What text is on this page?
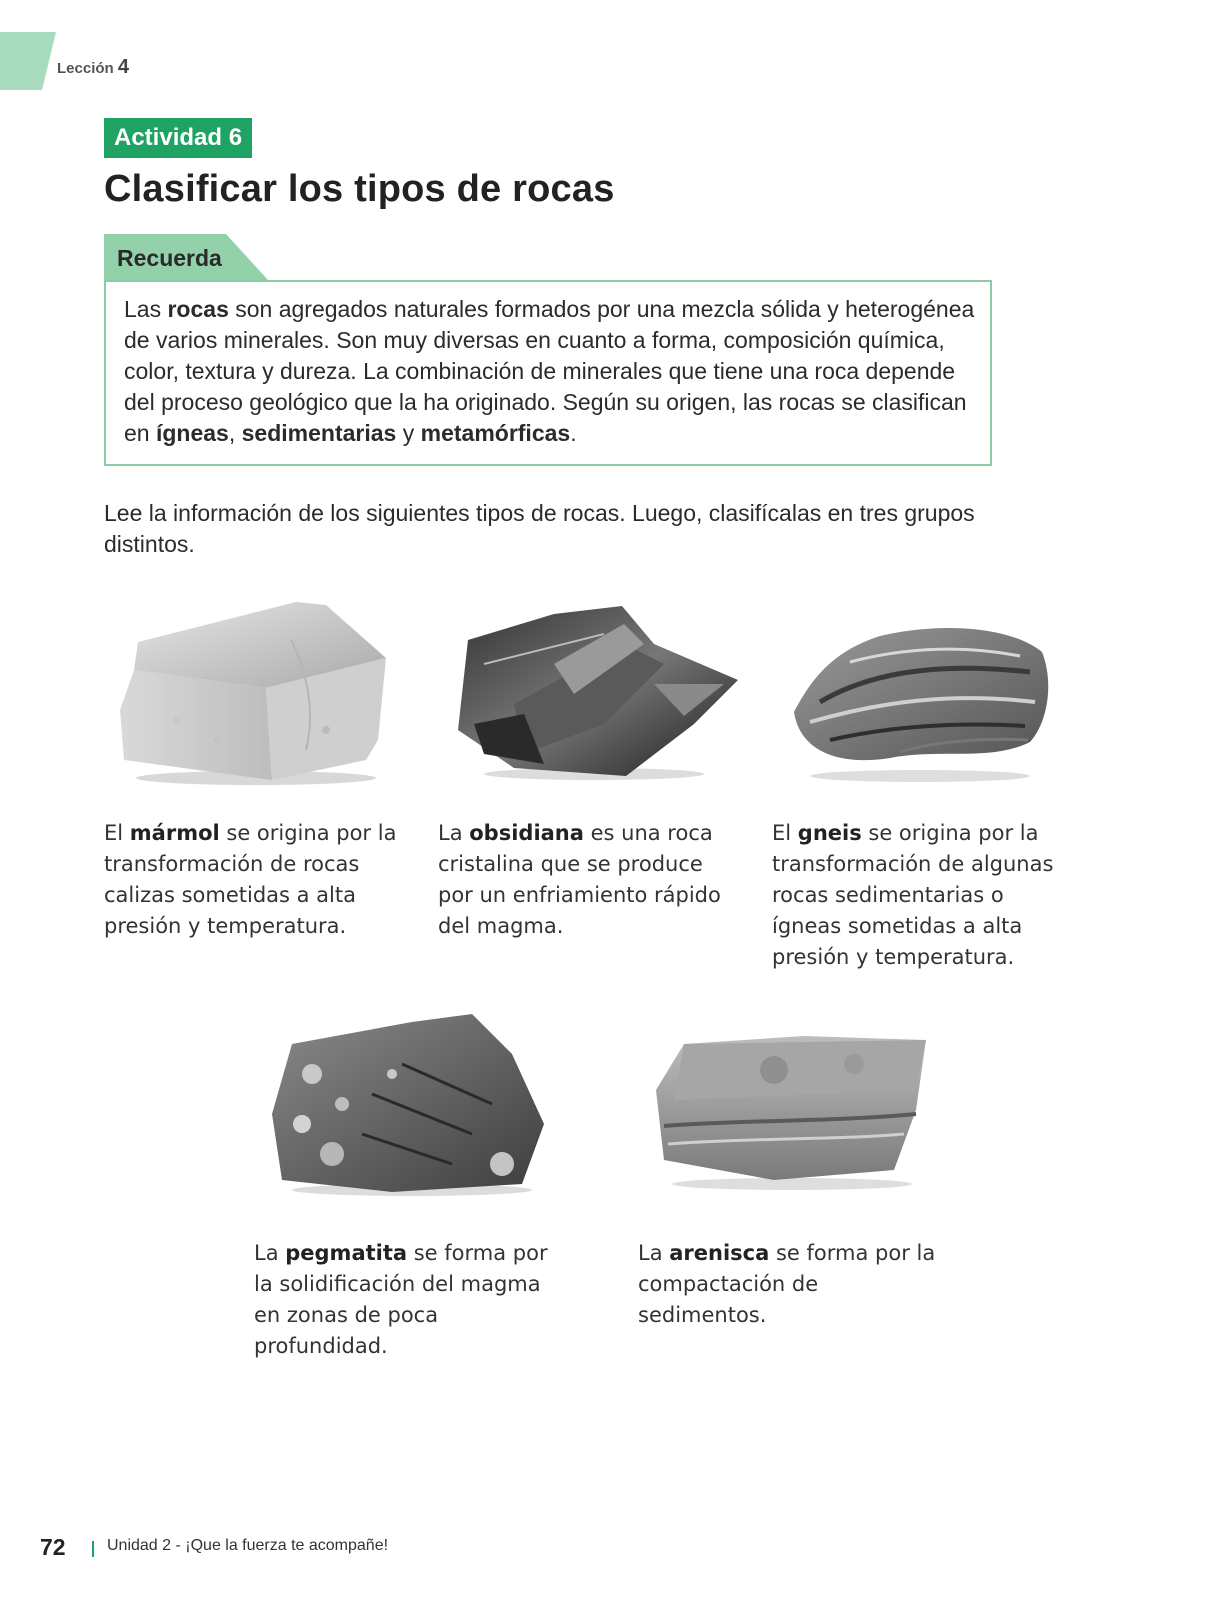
Lección 4
Actividad 6
Clasificar los tipos de rocas
Recuerda
Las rocas son agregados naturales formados por una mezcla sólida y heterogénea de varios minerales. Son muy diversas en cuanto a forma, composición química, color, textura y dureza. La combinación de minerales que tiene una roca depende del proceso geológico que la ha originado. Según su origen, las rocas se clasifican en ígneas, sedimentarias y metamórficas.
Lee la información de los siguientes tipos de rocas. Luego, clasifícalas en tres grupos distintos.
El mármol se origina por la transformación de rocas calizas sometidas a alta presión y temperatura.
La obsidiana es una roca cristalina que se produce por un enfriamiento rápido del magma.
El gneis se origina por la transformación de algunas rocas sedimentarias o ígneas sometidas a alta presión y temperatura.
La pegmatita se forma por la solidificación del magma en zonas de poca profundidad.
La arenisca se forma por la compactación de sedimentos.
72	Unidad 2 - ¡Que la fuerza te acompañe!
